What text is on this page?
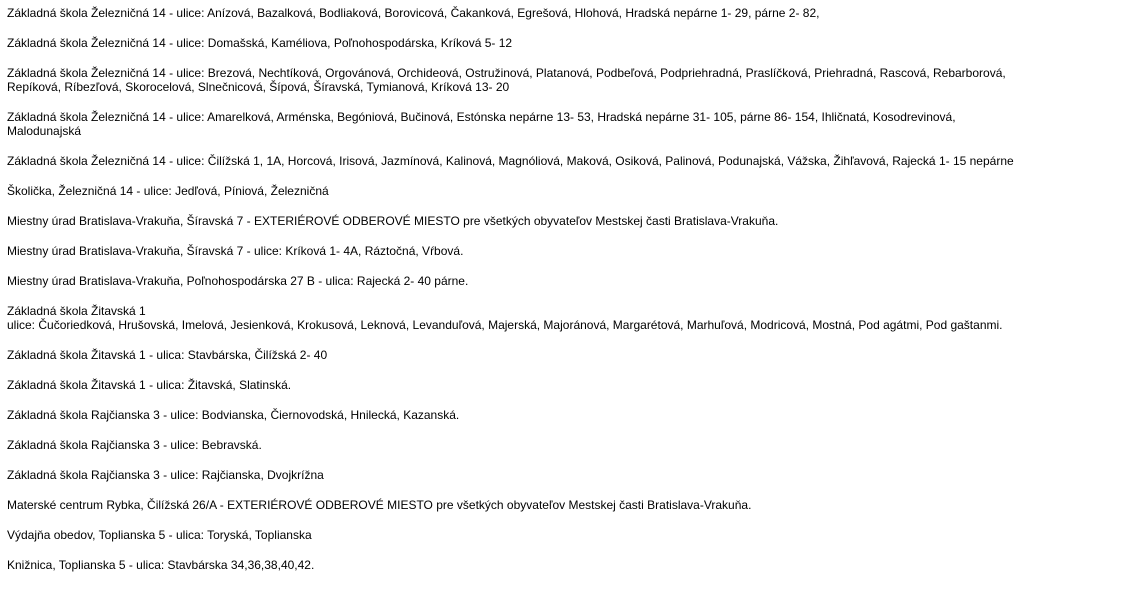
Základná škola Železničná 14 - ulice: Anízová, Bazalková, Bodliaková, Borovicová, Čakanková, Egrešová, Hlohová, Hradská nepárne 1- 29, párne 2- 82,
Základná škola Železničná 14 - ulice: Domašská, Kaméliova, Poľnohospodárska, Kríková 5- 12
Základná škola Železničná 14 - ulice: Brezová, Nechtíková, Orgovánová, Orchideová, Ostružinová, Platanová, Podbeľová, Podpriehradná, Praslíčková, Priehradná, Rascová, Rebarborová,
Repíková, Ríbezľová, Skorocelová, Slnečnicová, Šípová, Šíravská, Tymianová, Kríková 13- 20
Základná škola Železničná 14 - ulice: Amarelková, Arménska, Begóniová, Bučinová, Estónska nepárne 13- 53, Hradská nepárne 31- 105, párne 86- 154, Ihličnatá, Kosodrevinová,
Malodunajská
Základná škola Železničná 14 - ulice: Čilížská 1, 1A, Horcová, Irisová, Jazmínová, Kalinová, Magnóliová, Maková, Osiková, Palinová, Podunajská, Vážska, Žihľavová, Rajecká 1- 15 nepárne
Školička, Železničná 14 - ulice: Jedľová, Píniová, Železničná
Miestny úrad Bratislava-Vrakuňa, Šíravská 7 - EXTERIÉROVÉ ODBEROVÉ MIESTO pre všetkých obyvateľov Mestskej časti Bratislava-Vrakuňa.
Miestny úrad Bratislava-Vrakuňa, Šíravská 7 - ulice: Kríková 1- 4A, Ráztočná, Vŕbová.
Miestny úrad Bratislava-Vrakuňa, Poľnohospodárska 27 B - ulica: Rajecká 2- 40 párne.
Základná škola Žitavská 1
ulice: Čučoriedková, Hrušovská, Imelová, Jesienková, Krokusová, Leknová, Levanduľová, Majerská, Majoránová, Margarétová, Marhuľová, Modricová, Mostná, Pod agátmi, Pod gaštanmi.
Základná škola Žitavská 1 - ulica: Stavbárska, Čilížská 2- 40
Základná škola Žitavská 1 - ulica: Žitavská, Slatinská.
Základná škola Rajčianska 3 - ulice: Bodvianska, Čiernovodská, Hnilecká, Kazanská.
Základná škola Rajčianska 3 - ulice: Bebravská.
Základná škola Rajčianska 3 - ulice: Rajčianska, Dvojkrížna
Materské centrum Rybka, Čilížská 26/A - EXTERIÉROVÉ ODBEROVÉ MIESTO pre všetkých obyvateľov Mestskej časti Bratislava-Vrakuňa.
Výdajňa obedov, Toplianska 5 - ulica: Toryská, Toplianska
Knižnica, Toplianska 5 - ulica: Stavbárska 34,36,38,40,42.
